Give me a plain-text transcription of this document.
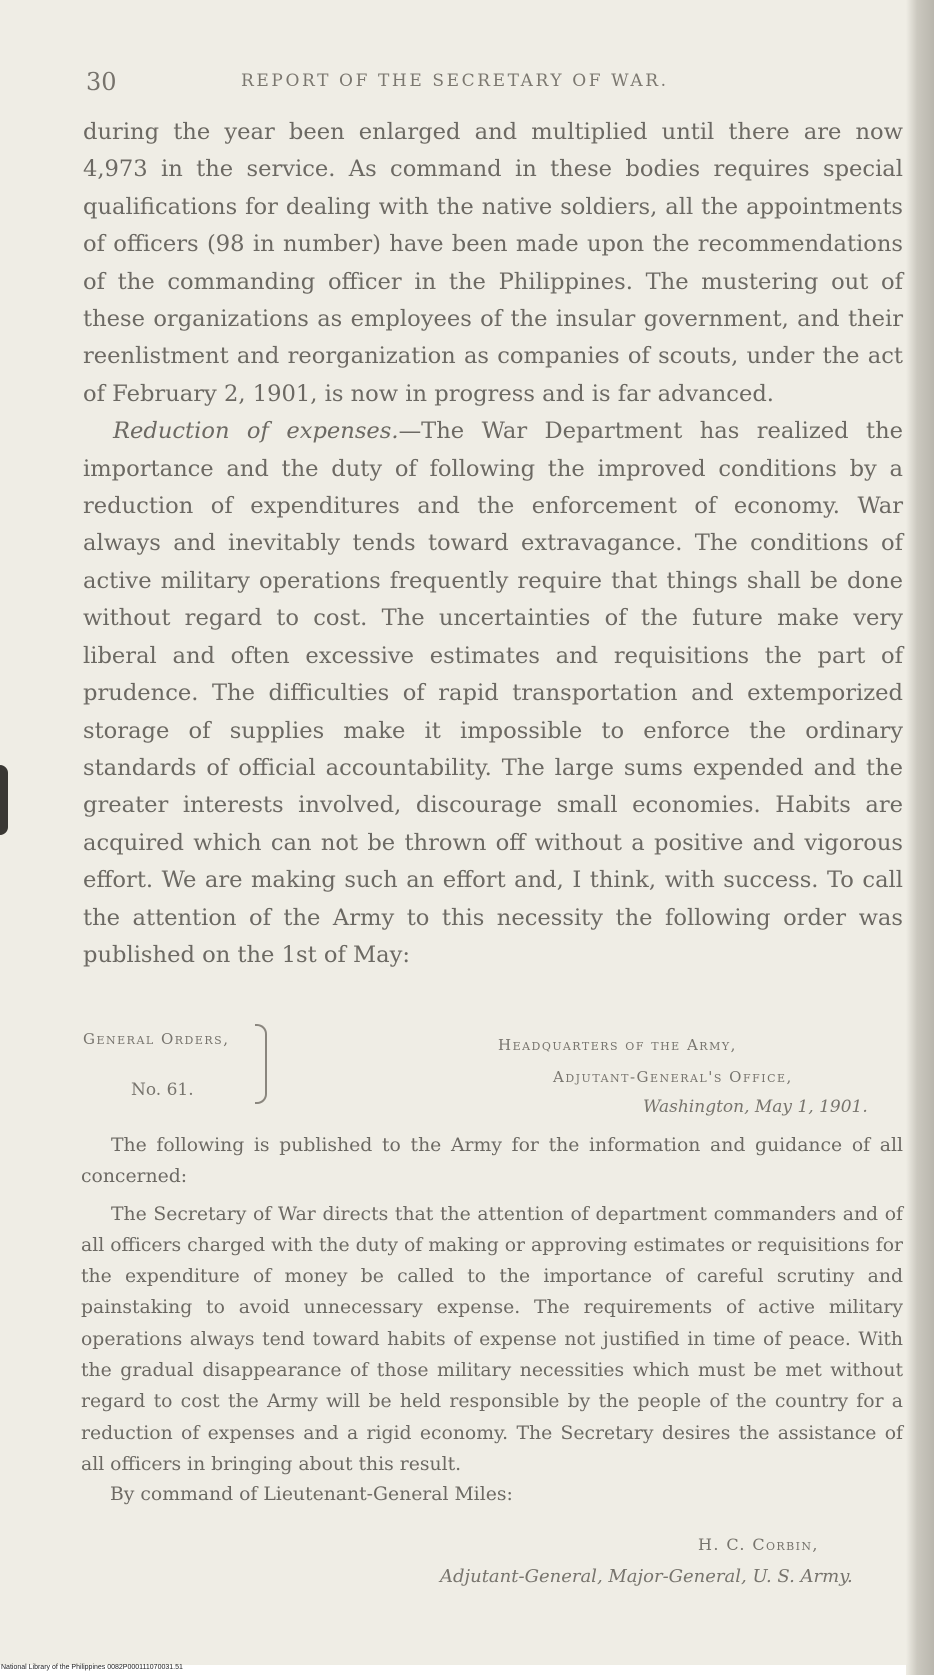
30	REPORT OF THE SECRETARY OF WAR.

during the year been enlarged and multiplied until there are now 4,973 in the service. As command in these bodies requires special qualifications for dealing with the native soldiers, all the appointments of officers (98 in number) have been made upon the recommendations of the commanding officer in the Philippines. The mustering out of these organizations as employees of the insular government, and their reenlistment and reorganization as companies of scouts, under the act of February 2, 1901, is now in progress and is far advanced.

Reduction of expenses.—The War Department has realized the importance and the duty of following the improved conditions by a reduction of expenditures and the enforcement of economy. War always and inevitably tends toward extravagance. The conditions of active military operations frequently require that things shall be done without regard to cost. The uncertainties of the future make very liberal and often excessive estimates and requisitions the part of prudence. The difficulties of rapid transportation and extemporized storage of supplies make it impossible to enforce the ordinary standards of official accountability. The large sums expended and the greater interests involved, discourage small economies. Habits are acquired which can not be thrown off without a positive and vigorous effort. We are making such an effort and, I think, with success. To call the attention of the Army to this necessity the following order was published on the 1st of May:

General Orders,
No. 61.
Headquarters of the Army,
Adjutant-General's Office,
Washington, May 1, 1901.

The following is published to the Army for the information and guidance of all concerned:

The Secretary of War directs that the attention of department commanders and of all officers charged with the duty of making or approving estimates or requisitions for the expenditure of money be called to the importance of careful scrutiny and painstaking to avoid unnecessary expense. The requirements of active military operations always tend toward habits of expense not justified in time of peace. With the gradual disappearance of those military necessities which must be met without regard to cost the Army will be held responsible by the people of the country for a reduction of expenses and a rigid economy. The Secretary desires the assistance of all officers in bringing about this result.

By command of Lieutenant-General Miles:
H. C. Corbin,
Adjutant-General, Major-General, U. S. Army.
National Library of the Philippines 0082P000111070031.51
